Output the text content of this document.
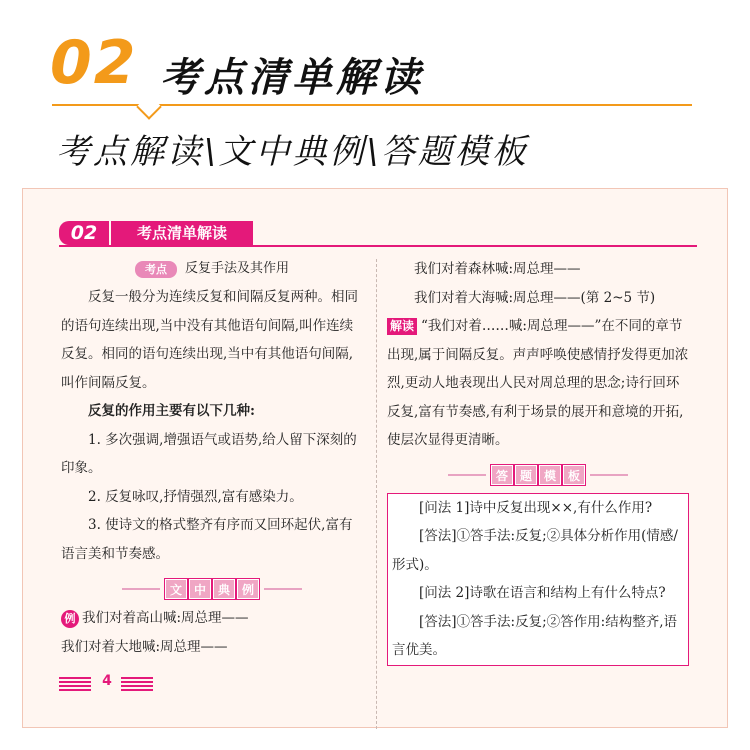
02 考点清单解读
考点解读\文中典例\答题模板
02	考点清单解读
考点 反复手法及其作用
反复一般分为连续反复和间隔反复两种。相同的语句连续出现,当中没有其他语句间隔,叫作连续反复。相同的语句连续出现,当中有其他语句间隔,叫作间隔反复。
反复的作用主要有以下几种:
1. 多次强调,增强语气或语势,给人留下深刻的印象。
2. 反复咏叹,抒情强烈,富有感染力。
3. 使诗文的格式整齐有序而又回环起伏,富有语言美和节奏感。
文 中 典 例
例 我们对着高山喊:周总理——
我们对着大地喊:周总理——
我们对着森林喊:周总理——
我们对着大海喊:周总理——(第 2~5 节)
解读 “我们对着……喊:周总理——”在不同的章节出现,属于间隔反复。声声呼唤使感情抒发得更加浓烈,更动人地表现出人民对周总理的思念;诗行回环反复,富有节奏感,有利于场景的展开和意境的开拓,使层次显得更清晰。
答 题 模 板
[问法 1]诗中反复出现××,有什么作用?
[答法]①答手法:反复;②具体分析作用(情感/形式)。
[问法 2]诗歌在语言和结构上有什么特点?
[答法]①答手法:反复;②答作用:结构整齐,语言优美。
4
